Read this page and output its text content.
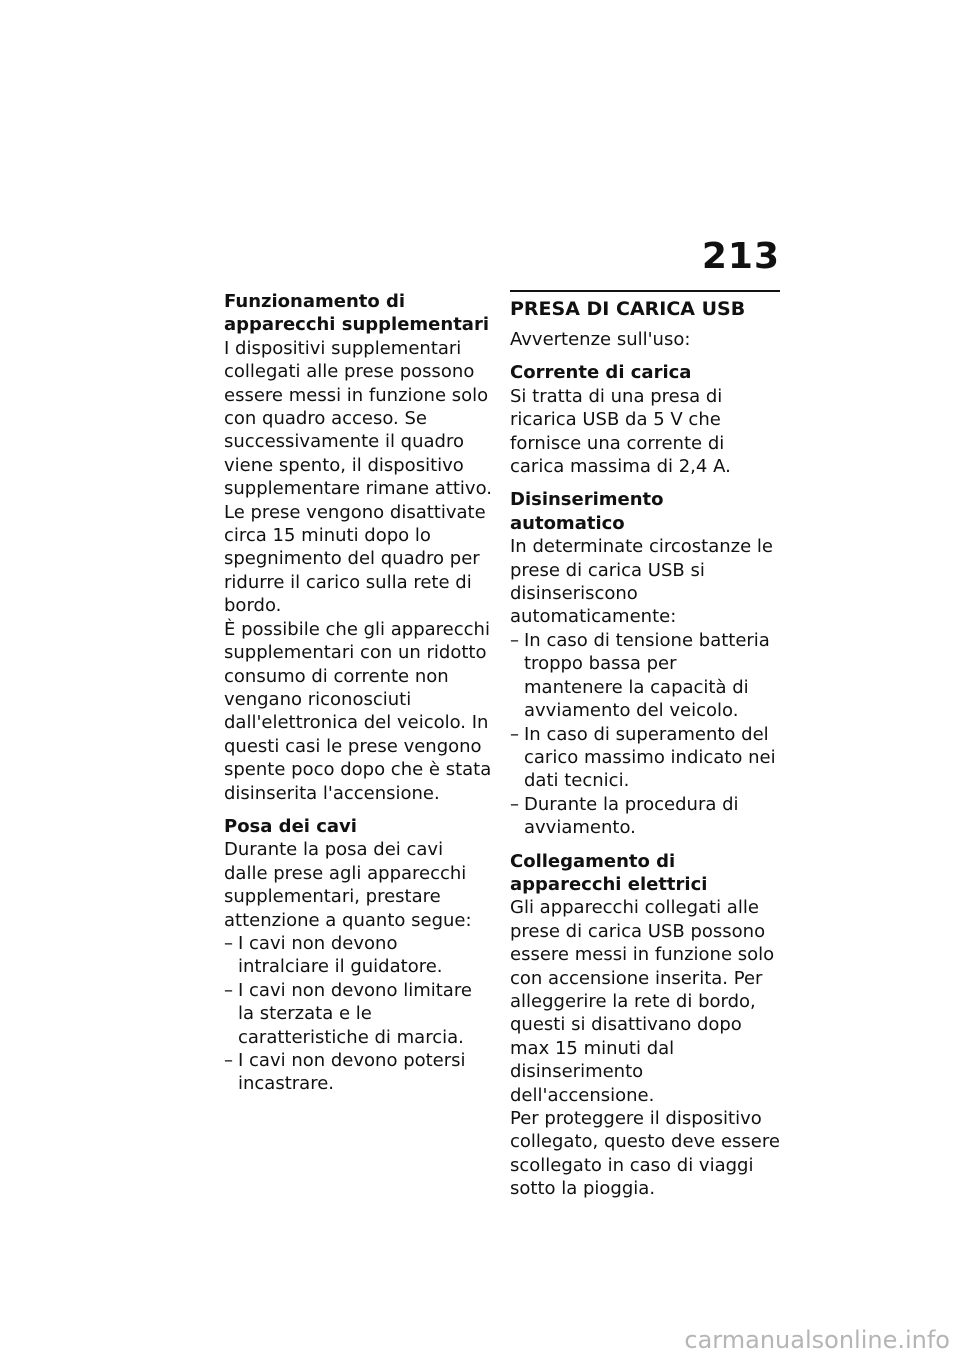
213

Funzionamento di apparecchi supplementari

I dispositivi supplementari collegati alle prese possono essere messi in funzione solo con quadro acceso. Se successivamente il quadro viene spento, il dispositivo supplementare rimane attivo. Le prese vengono disattivate circa 15 minuti dopo lo spegnimento del quadro per ridurre il carico sulla rete di bordo.

È possibile che gli apparecchi supplementari con un ridotto consumo di corrente non vengano riconosciuti dall'elettronica del veicolo. In questi casi le prese vengono spente poco dopo che è stata disinserita l'accensione.

Posa dei cavi

Durante la posa dei cavi dalle prese agli apparecchi supplementari, prestare attenzione a quanto segue:

– I cavi non devono intralciare il guidatore.
– I cavi non devono limitare la sterzata e le caratteristiche di marcia.
– I cavi non devono potersi incastrare.

PRESA DI CARICA USB

Avvertenze sull'uso:

Corrente di carica

Si tratta di una presa di ricarica USB da 5 V che fornisce una corrente di carica massima di 2,4 A.

Disinserimento automatico

In determinate circostanze le prese di carica USB si disinseriscono automaticamente:

– In caso di tensione batteria troppo bassa per mantenere la capacità di avviamento del veicolo.
– In caso di superamento del carico massimo indicato nei dati tecnici.
– Durante la procedura di avviamento.

Collegamento di apparecchi elettrici

Gli apparecchi collegati alle prese di carica USB possono essere messi in funzione solo con accensione inserita. Per alleggerire la rete di bordo, questi si disattivano dopo max 15 minuti dal disinserimento dell'accensione.

Per proteggere il dispositivo collegato, questo deve essere scollegato in caso di viaggi sotto la pioggia.

carmanualsonline.info
